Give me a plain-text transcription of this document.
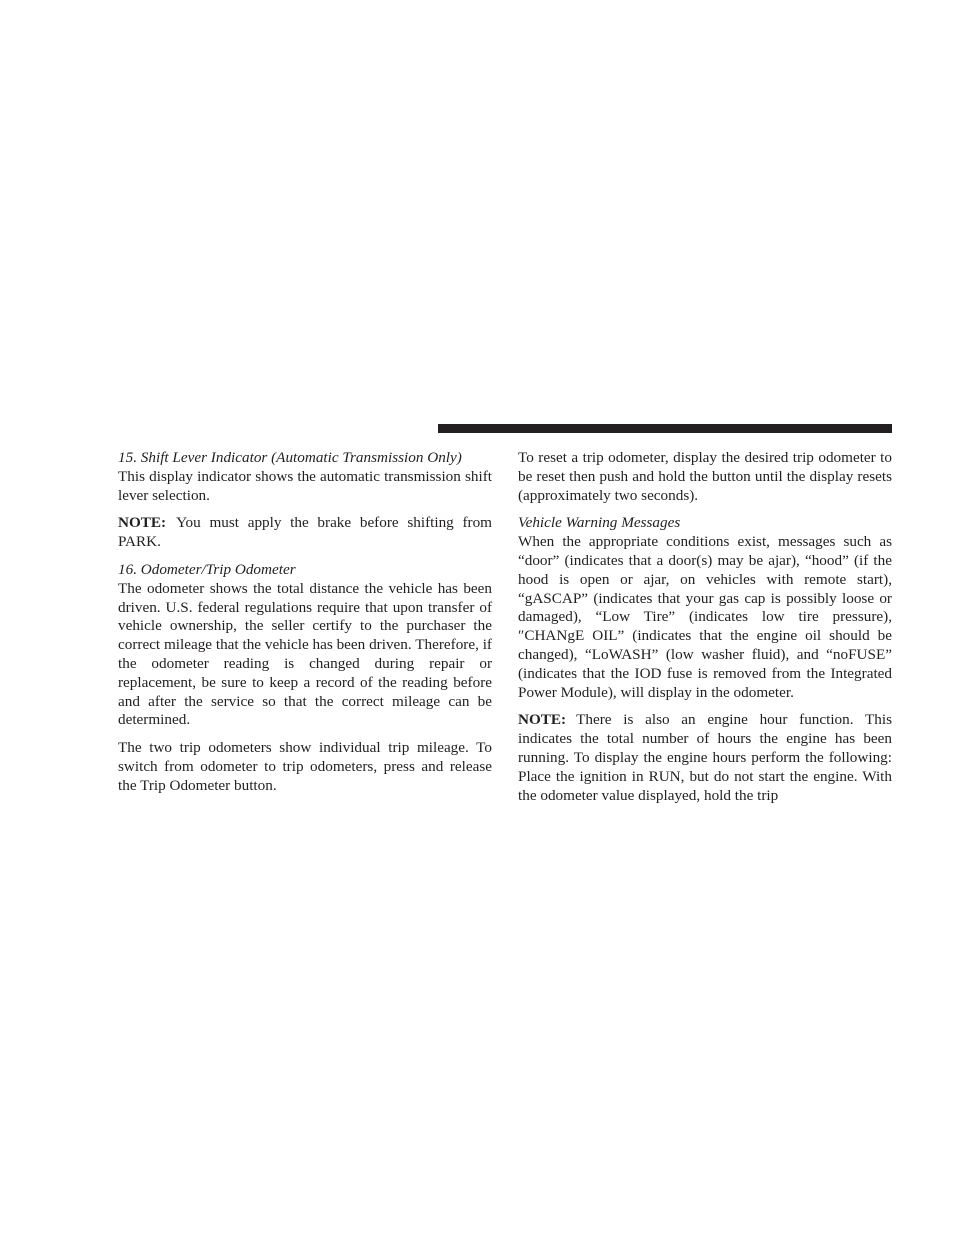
15. Shift Lever Indicator (Automatic Transmission Only)

This display indicator shows the automatic transmission shift lever selection.

NOTE: You must apply the brake before shifting from PARK.

16. Odometer/Trip Odometer

The odometer shows the total distance the vehicle has been driven. U.S. federal regulations require that upon transfer of vehicle ownership, the seller certify to the purchaser the correct mileage that the vehicle has been driven. Therefore, if the odometer reading is changed during repair or replacement, be sure to keep a record of the reading before and after the service so that the correct mileage can be determined.

The two trip odometers show individual trip mileage. To switch from odometer to trip odometers, press and release the Trip Odometer button.

To reset a trip odometer, display the desired trip odometer to be reset then push and hold the button until the display resets (approximately two seconds).

Vehicle Warning Messages

When the appropriate conditions exist, messages such as “door” (indicates that a door(s) may be ajar), “hood” (if the hood is open or ajar, on vehicles with remote start), “gASCAP” (indicates that your gas cap is possibly loose or damaged), “Low Tire” (indicates low tire pressure), ″CHANgE OIL” (indicates that the engine oil should be changed), “LoWASH” (low washer fluid), and “noFUSE” (indicates that the IOD fuse is removed from the Integrated Power Module), will display in the odometer.

NOTE: There is also an engine hour function. This indicates the total number of hours the engine has been running. To display the engine hours perform the following: Place the ignition in RUN, but do not start the engine. With the odometer value displayed, hold the trip
